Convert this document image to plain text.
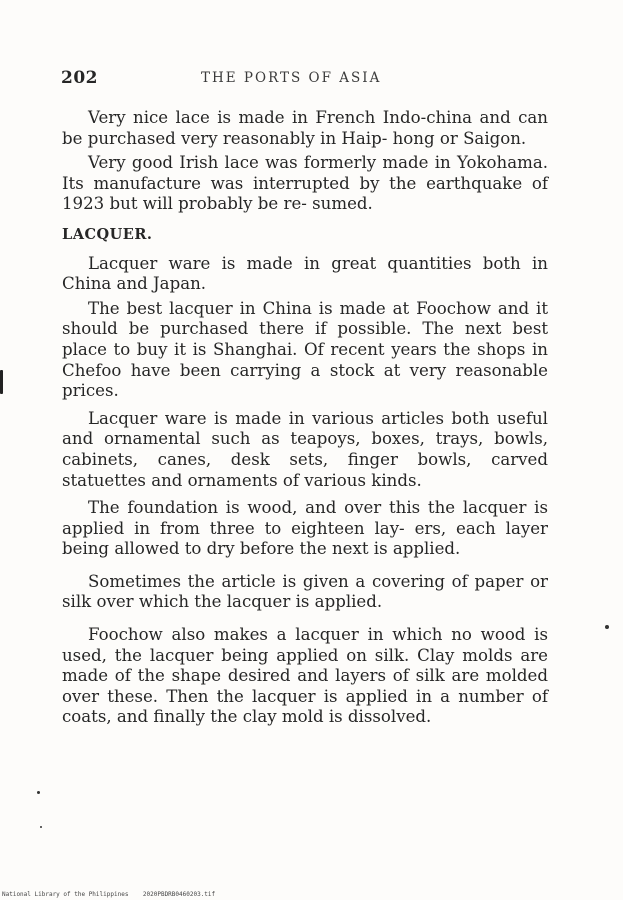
202	THE PORTS OF ASIA

Very nice lace is made in French Indo-china and can be purchased very reasonably in Haip- hong or Saigon.

Very good Irish lace was formerly made in Yokohama. Its manufacture was interrupted by the earthquake of 1923 but will probably be re- sumed.

LACQUER.

Lacquer ware is made in great quantities both in China and Japan.

The best lacquer in China is made at Foochow and it should be purchased there if possible. The next best place to buy it is Shanghai. Of recent years the shops in Chefoo have been carrying a stock at very reasonable prices.

Lacquer ware is made in various articles both useful and ornamental such as teapoys, boxes, trays, bowls, cabinets, canes, desk sets, finger bowls, carved statuettes and ornaments of various kinds.

The foundation is wood, and over this the lacquer is applied in from three to eighteen lay- ers, each layer being allowed to dry before the next is applied.

Sometimes the article is given a covering of paper or silk over which the lacquer is applied.

Foochow also makes a lacquer in which no wood is used, the lacquer being applied on silk. Clay molds are made of the shape desired and layers of silk are molded over these. Then the lacquer is applied in a number of coats, and finally the clay mold is dissolved.

National Library of the Philippines 2020PBDRB0460203.tif
